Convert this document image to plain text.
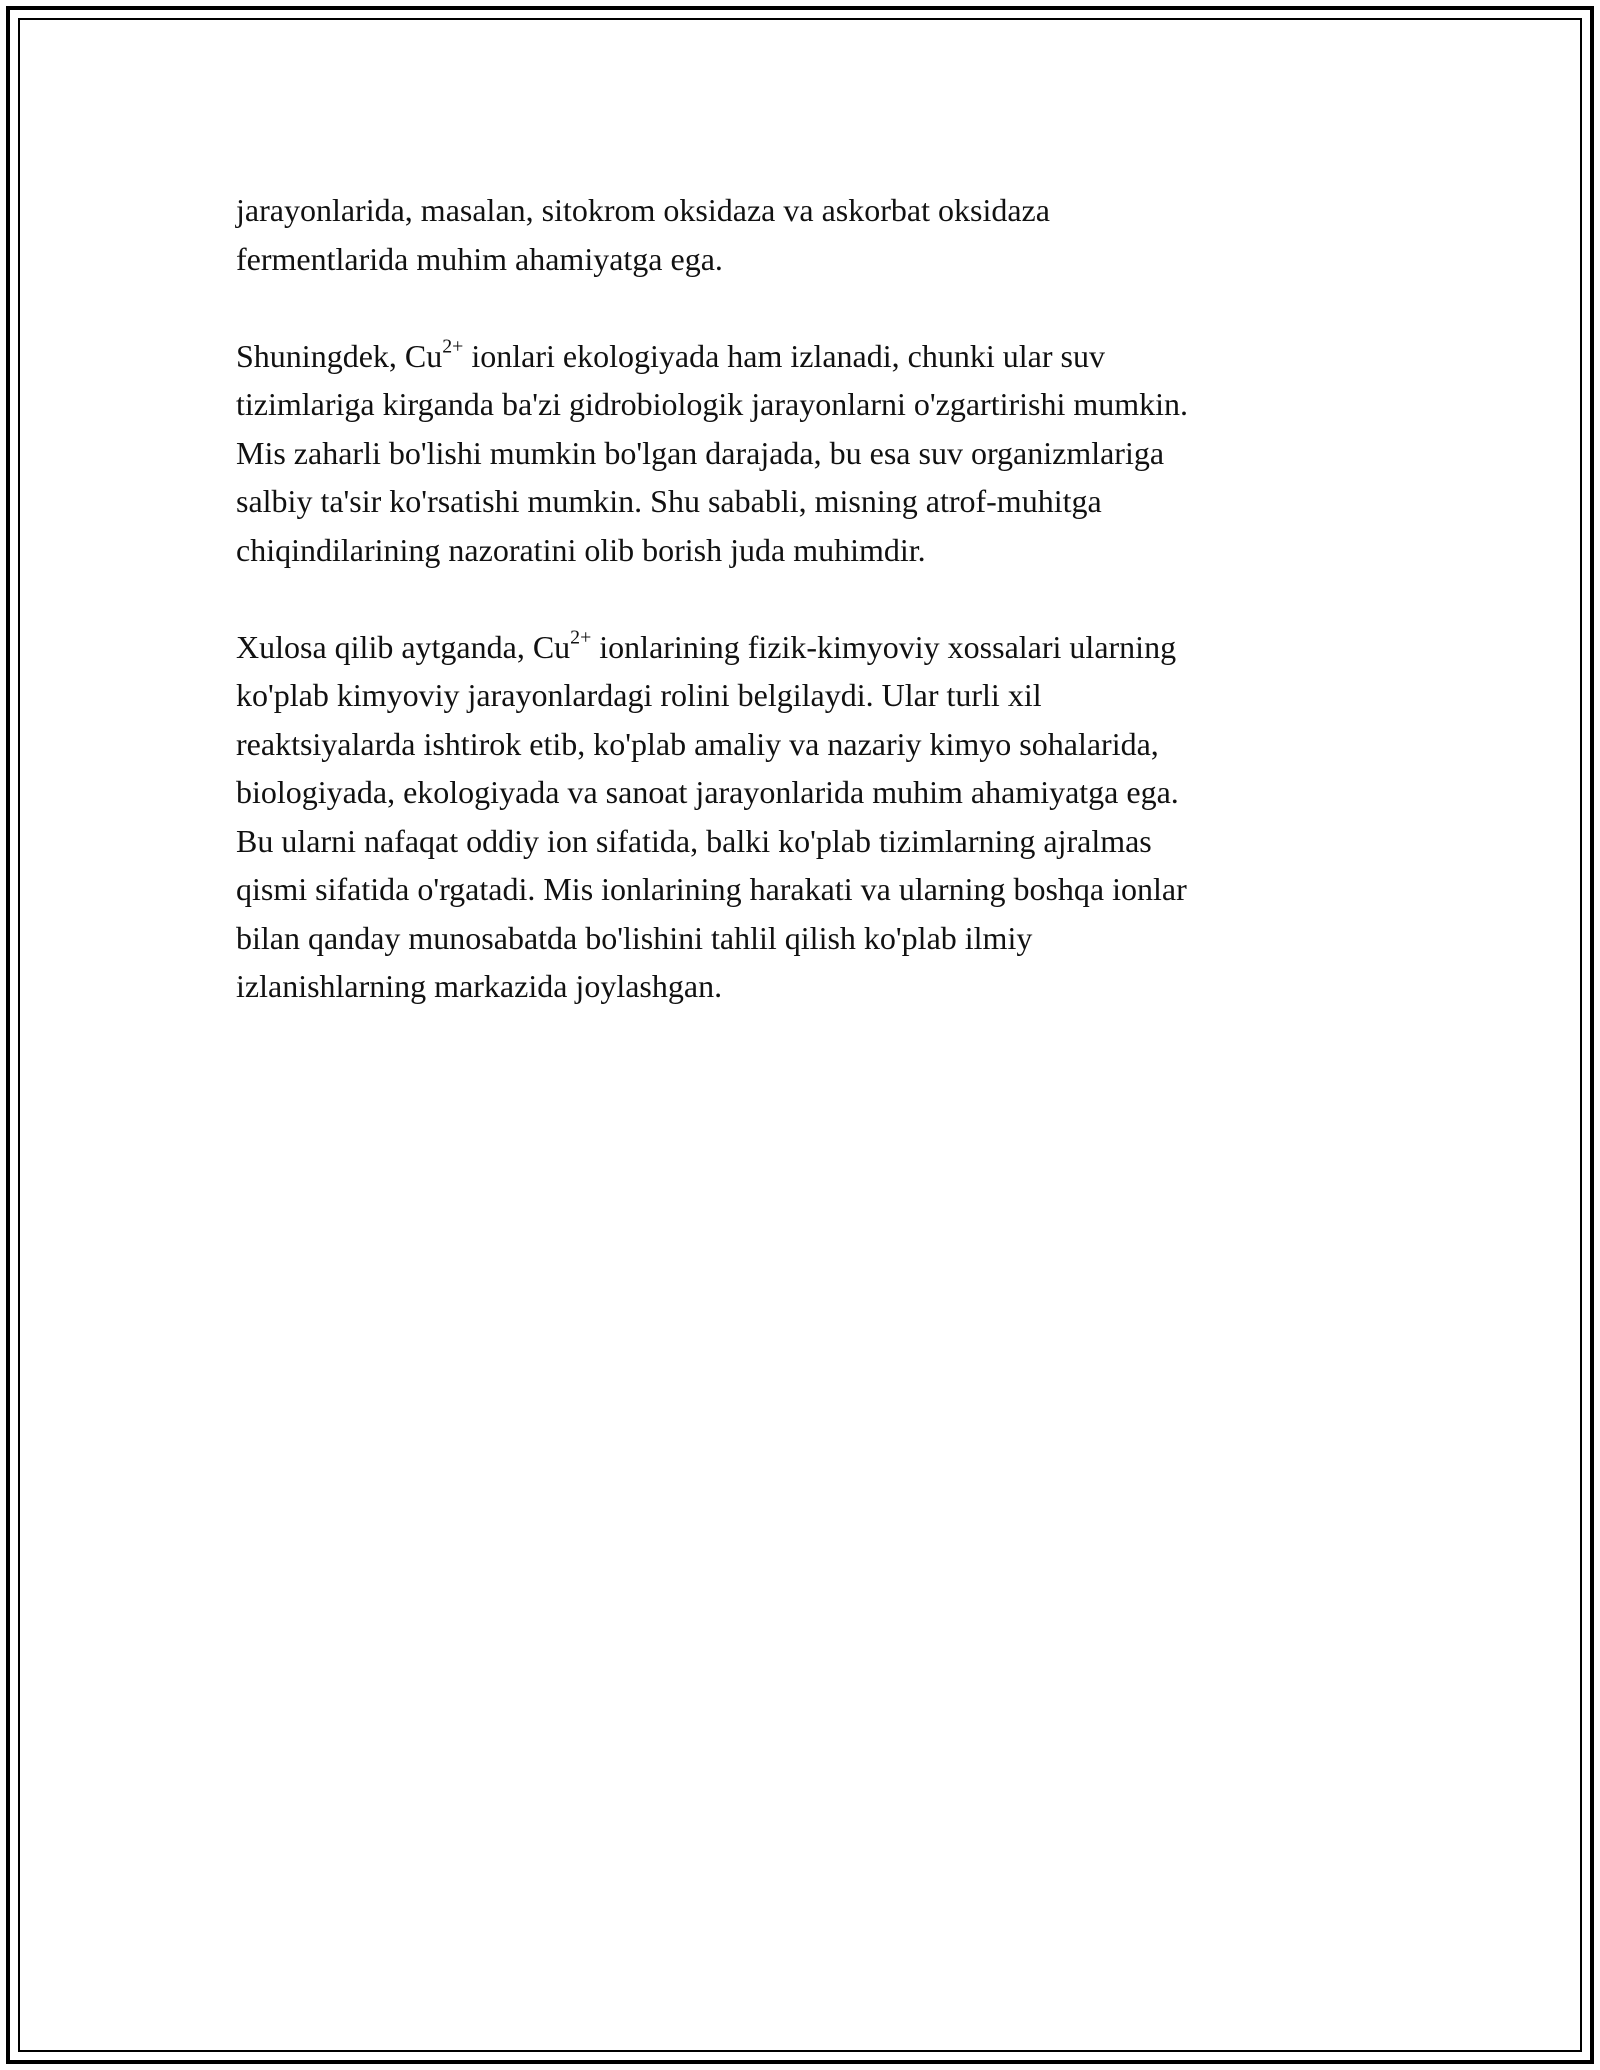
jarayonlarida, masalan, sitokrom oksidaza va askorbat oksidaza
fermentlarida muhim ahamiyatga ega.
Shuningdek, $Cu^{2+}$ ionlari ekologiyada ham izlanadi, chunki ular suv
tizimlariga kirganda ba'zi gidrobiologik jarayonlarni o'zgartirishi mumkin.
Mis zaharli bo'lishi mumkin bo'lgan darajada, bu esa suv organizmlariga
salbiy ta'sir ko'rsatishi mumkin. Shu sababli, misning atrof-muhitga
chiqindilarining nazoratini olib borish juda muhimdir.
Xulosa qilib aytganda, $Cu^{2+}$ ionlarining fizik-kimyoviy xossalari ularning
ko'plab kimyoviy jarayonlardagi rolini belgilaydi. Ular turli xil
reaktsiyalarda ishtirok etib, ko'plab amaliy va nazariy kimyo sohalarida,
biologiyada, ekologiyada va sanoat jarayonlarida muhim ahamiyatga ega.
Bu ularni nafaqat oddiy ion sifatida, balki ko'plab tizimlarning ajralmas
qismi sifatida o'rgatadi. Mis ionlarining harakati va ularning boshqa ionlar
bilan qanday munosabatda bo'lishini tahlil qilish ko'plab ilmiy
izlanishlarning markazida joylashgan.
